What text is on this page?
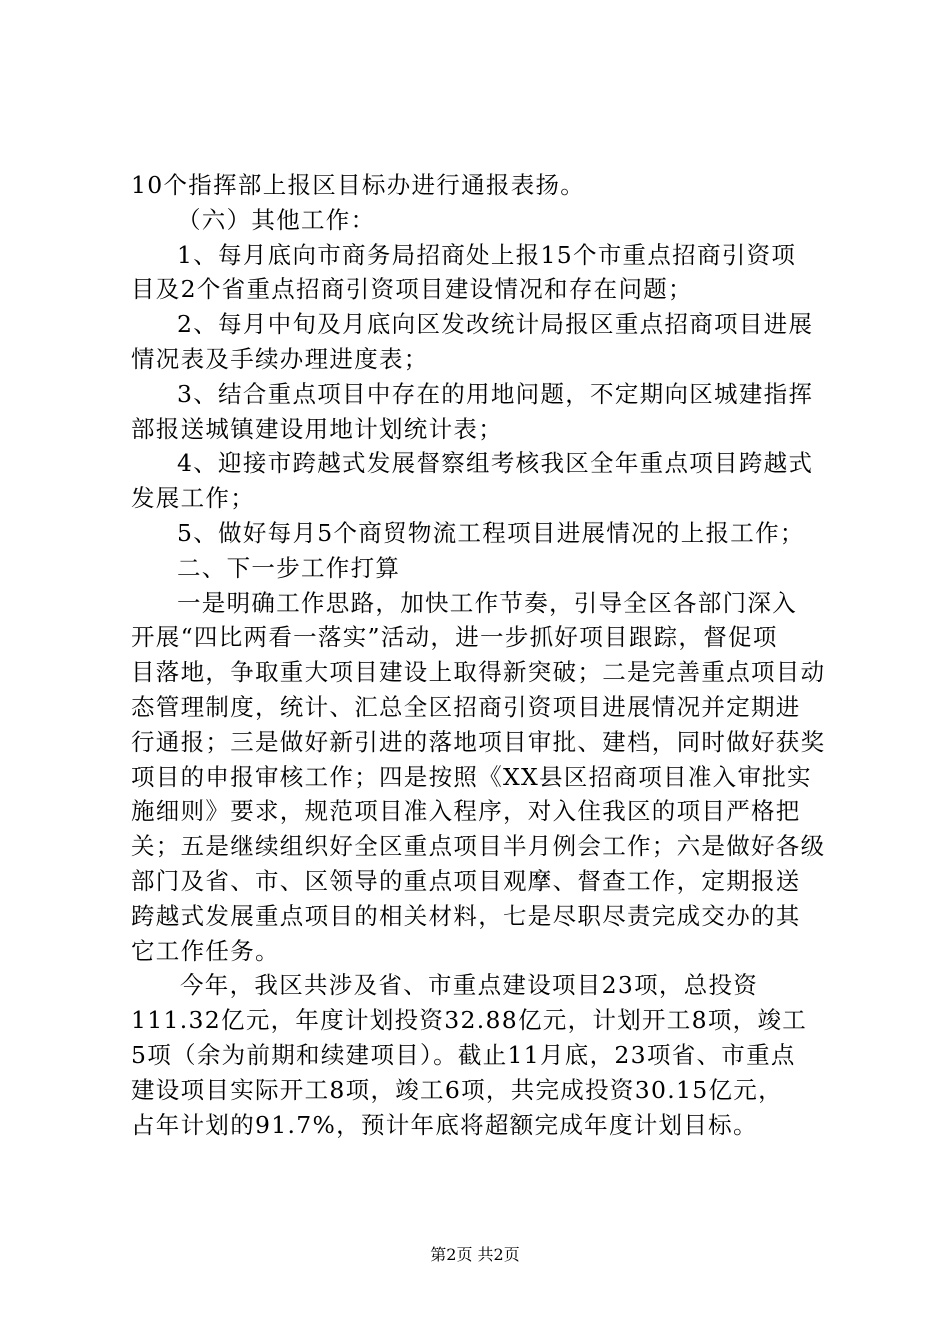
10个指挥部上报区目标办进行通报表扬。
（六）其他工作：
1、每月底向市商务局招商处上报15个市重点招商引资项
目及2个省重点招商引资项目建设情况和存在问题；
2、每月中旬及月底向区发改统计局报区重点招商项目进展
情况表及手续办理进度表；
3、结合重点项目中存在的用地问题，不定期向区城建指挥
部报送城镇建设用地计划统计表；
4、迎接市跨越式发展督察组考核我区全年重点项目跨越式
发展工作；
5、做好每月5个商贸物流工程项目进展情况的上报工作；
二、下一步工作打算
一是明确工作思路，加快工作节奏，引导全区各部门深入
开展“四比两看一落实”活动，进一步抓好项目跟踪，督促项
目落地，争取重大项目建设上取得新突破；二是完善重点项目动
态管理制度，统计、汇总全区招商引资项目进展情况并定期进
行通报；三是做好新引进的落地项目审批、建档，同时做好获奖
项目的申报审核工作；四是按照《XX县区招商项目准入审批实
施细则》要求，规范项目准入程序，对入住我区的项目严格把
关；五是继续组织好全区重点项目半月例会工作；六是做好各级
部门及省、市、区领导的重点项目观摩、督查工作，定期报送
跨越式发展重点项目的相关材料，七是尽职尽责完成交办的其
它工作任务。
今年，我区共涉及省、市重点建设项目23项，总投资
111.32亿元，年度计划投资32.88亿元，计划开工8项，竣工
5项（余为前期和续建项目）。截止11月底，23项省、市重点
建设项目实际开工8项，竣工6项，共完成投资30.15亿元，
占年计划的91.7%，预计年底将超额完成年度计划目标。
第2页 共2页
